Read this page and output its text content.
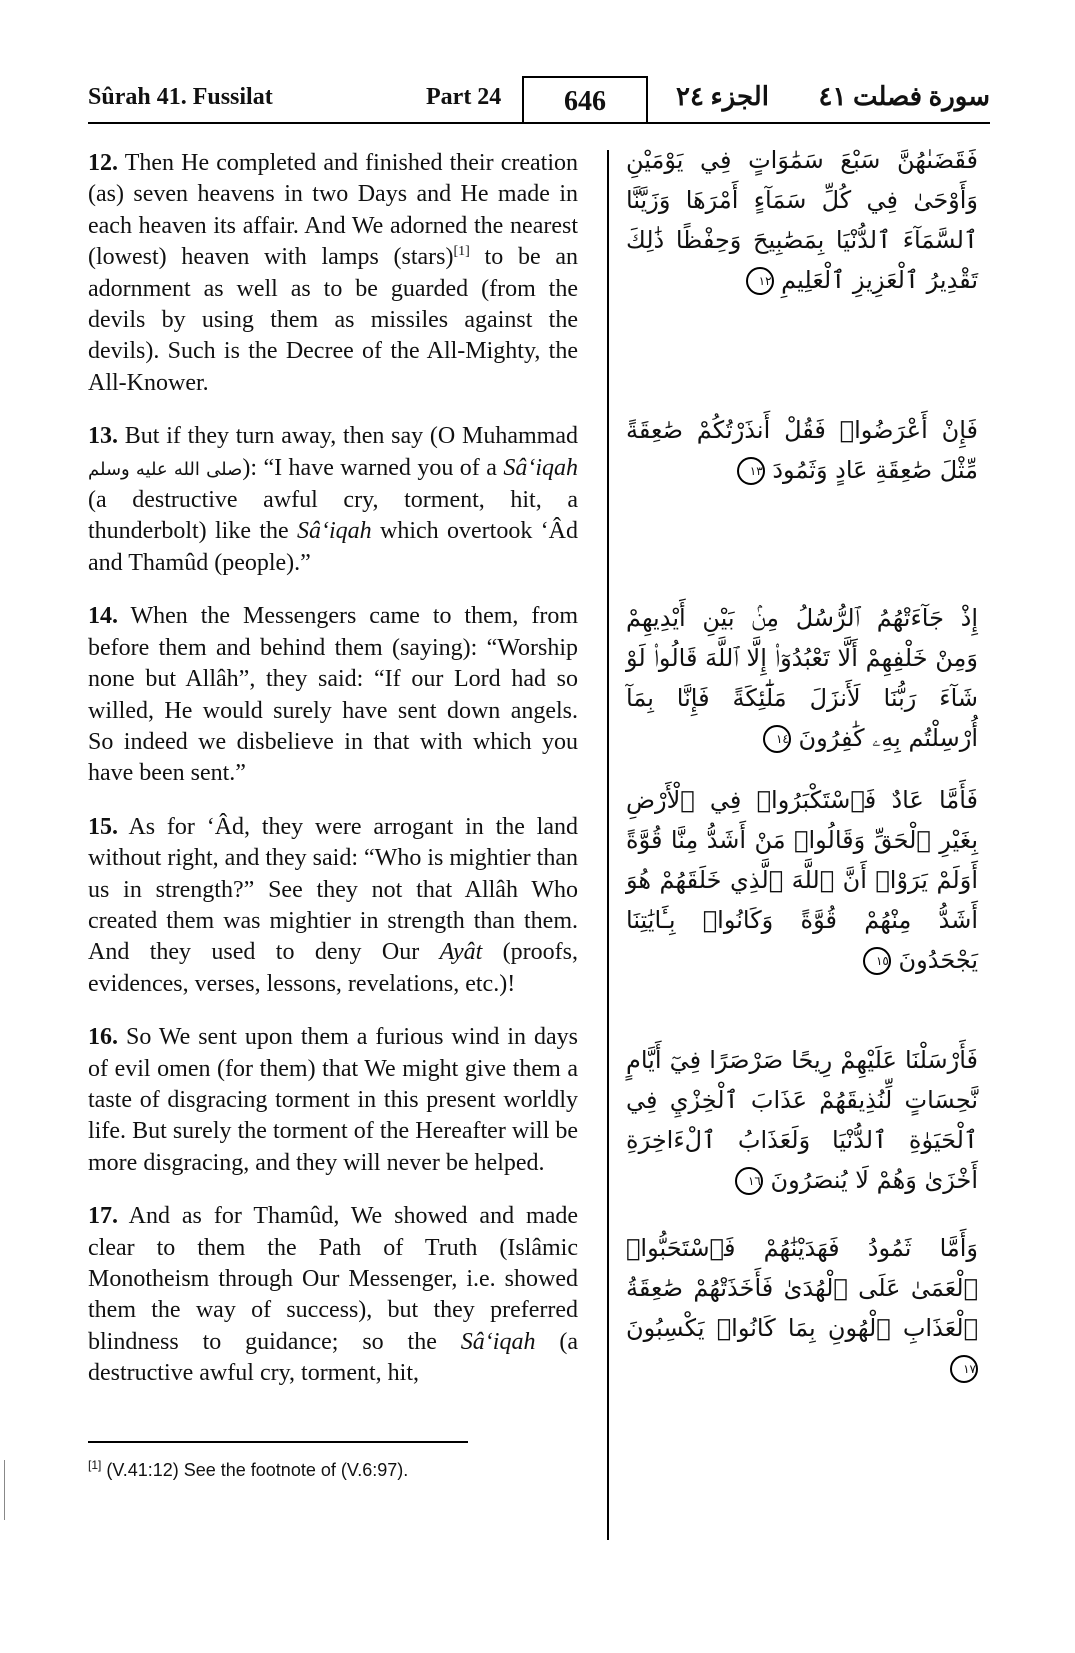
Sûrah 41. Fussilat	Part 24	646	الجزء ٢٤ سورة فصلت ٤١

12. Then He completed and finished their creation (as) seven heavens in two Days and He made in each heaven its affair. And We adorned the nearest (lowest) heaven with lamps (stars)[1] to be an adornment as well as to be guarded (from the devils by using them as missiles against the devils). Such is the Decree of the All-Mighty, the All-Knower.

13. But if they turn away, then say (O Muhammad صلى الله عليه وسلم): “I have warned you of a Sâ‘iqah (a destructive awful cry, torment, hit, a thunderbolt) like the Sâ‘iqah which overtook ‘Âd and Thamûd (people).”

14. When the Messengers came to them, from before them and behind them (saying): “Worship none but Allâh”, they said: “If our Lord had so willed, He would surely have sent down angels. So indeed we disbelieve in that with which you have been sent.”

15. As for ‘Âd, they were arrogant in the land without right, and they said: “Who is mightier than us in strength?” See they not that Allâh Who created them was mightier in strength than them. And they used to deny Our Ayât (proofs, evidences, verses, lessons, revelations, etc.)!

16. So We sent upon them a furious wind in days of evil omen (for them) that We might give them a taste of disgracing torment in this present worldly life. But surely the torment of the Hereafter will be more disgracing, and they will never be helped.

17. And as for Thamûd, We showed and made clear to them the Path of Truth (Islâmic Monotheism through Our Messenger, i.e. showed them the way of success), but they preferred blindness to guidance; so the Sâ‘iqah (a destructive awful cry, torment, hit,

فَقَضَىٰهُنَّ سَبْعَ سَمَٰوَاتٍ فِي يَوْمَيْنِ وَأَوْحَىٰ فِي كُلِّ سَمَآءٍ أَمْرَهَا وَزَيَّنَّا ٱلسَّمَآءَ ٱلدُّنْيَا بِمَصَٰبِيحَ وَحِفْظًا ذَٰلِكَ تَقْدِيرُ ٱلْعَزِيزِ ٱلْعَلِيمِ ١٢
فَإِنْ أَعْرَضُوا۟ فَقُلْ أَنذَرْتُكُمْ صَٰعِقَةً مِّثْلَ صَٰعِقَةِ عَادٍ وَثَمُودَ ١٣
إِذْ جَآءَتْهُمُ ٱلرُّسُلُ مِنۢ بَيْنِ أَيْدِيهِمْ وَمِنْ خَلْفِهِمْ أَلَّا تَعْبُدُوٓا۟ إِلَّا ٱللَّهَ قَالُوا۟ لَوْ شَآءَ رَبُّنَا لَأَنزَلَ مَلَٰٓئِكَةً فَإِنَّا بِمَآ أُرْسِلْتُم بِهِۦ كَٰفِرُونَ ١٤
فَأَمَّا عَادٌ فَٱسْتَكْبَرُوا۟ فِي ٱلْأَرْضِ بِغَيْرِ ٱلْحَقِّ وَقَالُوا۟ مَنْ أَشَدُّ مِنَّا قُوَّةً أَوَلَمْ يَرَوْا۟ أَنَّ ٱللَّهَ ٱلَّذِي خَلَقَهُمْ هُوَ أَشَدُّ مِنْهُمْ قُوَّةً وَكَانُوا۟ بِـَٔايَٰتِنَا يَجْحَدُونَ ١٥
فَأَرْسَلْنَا عَلَيْهِمْ رِيحًا صَرْصَرًا فِيٓ أَيَّامٍ نَّحِسَاتٍ لِّنُذِيقَهُمْ عَذَابَ ٱلْخِزْيِ فِي ٱلْحَيَوٰةِ ٱلدُّنْيَا وَلَعَذَابُ ٱلْءَاخِرَةِ أَخْزَىٰ وَهُمْ لَا يُنصَرُونَ ١٦
وَأَمَّا ثَمُودُ فَهَدَيْنَٰهُمْ فَٱسْتَحَبُّوا۟ ٱلْعَمَىٰ عَلَى ٱلْهُدَىٰ فَأَخَذَتْهُمْ صَٰعِقَةُ ٱلْعَذَابِ ٱلْهُونِ بِمَا كَانُوا۟ يَكْسِبُونَ ١٧
[1] (V.41:12) See the footnote of (V.6:97).
